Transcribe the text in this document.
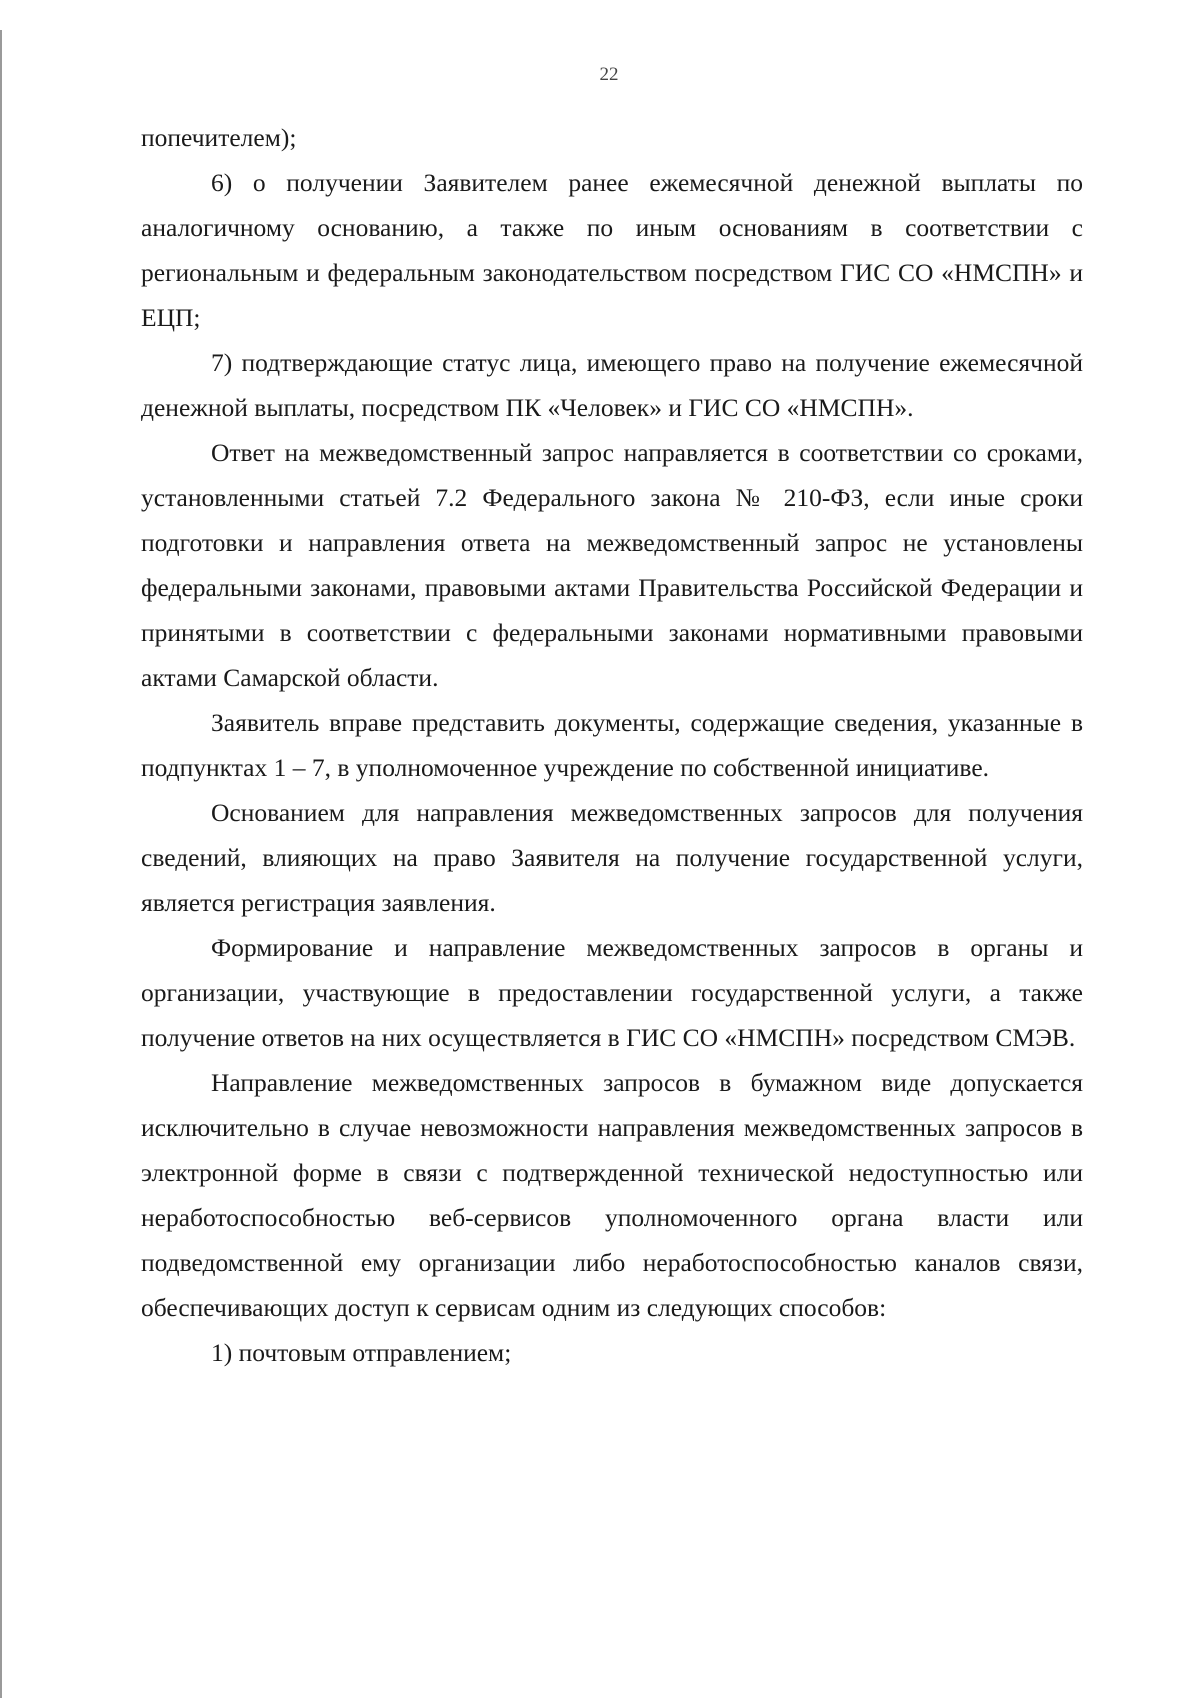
22

попечителем);

6) о получении Заявителем ранее ежемесячной денежной выплаты по аналогичному основанию, а также по иным основаниям в соответствии с региональным и федеральным законодательством посредством ГИС СО «НМСПН» и ЕЦП;

7) подтверждающие статус лица, имеющего право на получение ежемесячной денежной выплаты, посредством ПК «Человек» и ГИС СО «НМСПН».

Ответ на межведомственный запрос направляется в соответствии со сроками, установленными статьей 7.2 Федерального закона № 210-ФЗ, если иные сроки подготовки и направления ответа на межведомственный запрос не установлены федеральными законами, правовыми актами Правительства Российской Федерации и принятыми в соответствии с федеральными законами нормативными правовыми актами Самарской области.

Заявитель вправе представить документы, содержащие сведения, указанные в подпунктах 1 – 7, в уполномоченное учреждение по собственной инициативе.

Основанием для направления межведомственных запросов для получения сведений, влияющих на право Заявителя на получение государственной услуги, является регистрация заявления.

Формирование и направление межведомственных запросов в органы и организации, участвующие в предоставлении государственной услуги, а также получение ответов на них осуществляется в ГИС СО «НМСПН» посредством СМЭВ.

Направление межведомственных запросов в бумажном виде допускается исключительно в случае невозможности направления межведомственных запросов в электронной форме в связи с подтвержденной технической недоступностью или неработоспособностью веб-сервисов уполномоченного органа власти или подведомственной ему организации либо неработоспособностью каналов связи, обеспечивающих доступ к сервисам одним из следующих способов:

1) почтовым отправлением;
